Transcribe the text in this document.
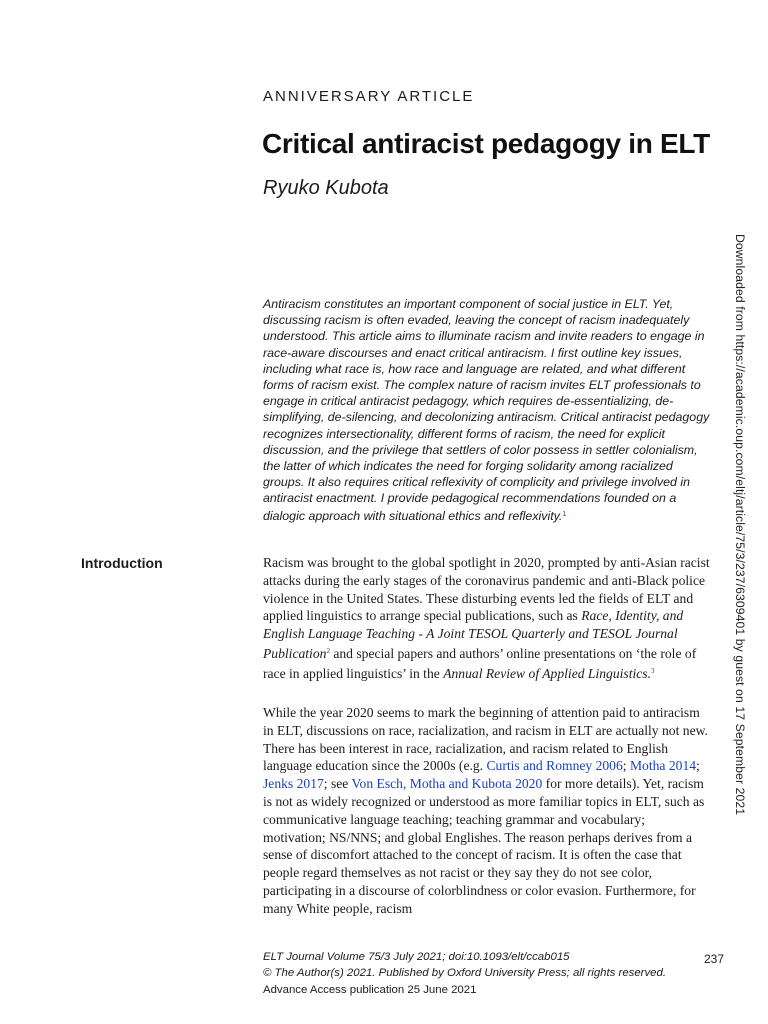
ANNIVERSARY ARTICLE
Critical antiracist pedagogy in ELT
Ryuko Kubota
Downloaded from https://academic.oup.com/eltj/article/75/3/237/6309401 by guest on 17 September 2021

Antiracism constitutes an important component of social justice in ELT. Yet, discussing racism is often evaded, leaving the concept of racism inadequately understood. This article aims to illuminate racism and invite readers to engage in race-aware discourses and enact critical antiracism. I first outline key issues, including what race is, how race and language are related, and what different forms of racism exist. The complex nature of racism invites ELT professionals to engage in critical antiracist pedagogy, which requires de-essentializing, de-simplifying, de-silencing, and decolonizing antiracism. Critical antiracist pedagogy recognizes intersectionality, different forms of racism, the need for explicit discussion, and the privilege that settlers of color possess in settler colonialism, the latter of which indicates the need for forging solidarity among racialized groups. It also requires critical reflexivity of complicity and privilege involved in antiracist enactment. I provide pedagogical recommendations founded on a dialogic approach with situational ethics and reflexivity.$^1$

Introduction	Racism was brought to the global spotlight in 2020, prompted by anti-Asian racist attacks during the early stages of the coronavirus pandemic and anti-Black police violence in the United States. These disturbing events led the fields of ELT and applied linguistics to arrange special publications, such as Race, Identity, and English Language Teaching - A Joint TESOL Quarterly and TESOL Journal Publication$^2$ and special papers and authors’ online presentations on ‘the role of race in applied linguistics’ in the Annual Review of Applied Linguistics.$^3$

While the year 2020 seems to mark the beginning of attention paid to antiracism in ELT, discussions on race, racialization, and racism in ELT are actually not new. There has been interest in race, racialization, and racism related to English language education since the 2000s (e.g. Curtis and Romney 2006; Motha 2014; Jenks 2017; see Von Esch, Motha and Kubota 2020 for more details). Yet, racism is not as widely recognized or understood as more familiar topics in ELT, such as communicative language teaching; teaching grammar and vocabulary; motivation; NS/NNS; and global Englishes. The reason perhaps derives from a sense of discomfort attached to the concept of racism. It is often the case that people regard themselves as not racist or they say they do not see color, participating in a discourse of colorblindness or color evasion. Furthermore, for many White people, racism

ELT Journal Volume 75/3 July 2021; doi:10.1093/elt/ccab015	237
© The Author(s) 2021. Published by Oxford University Press; all rights reserved.
Advance Access publication 25 June 2021
